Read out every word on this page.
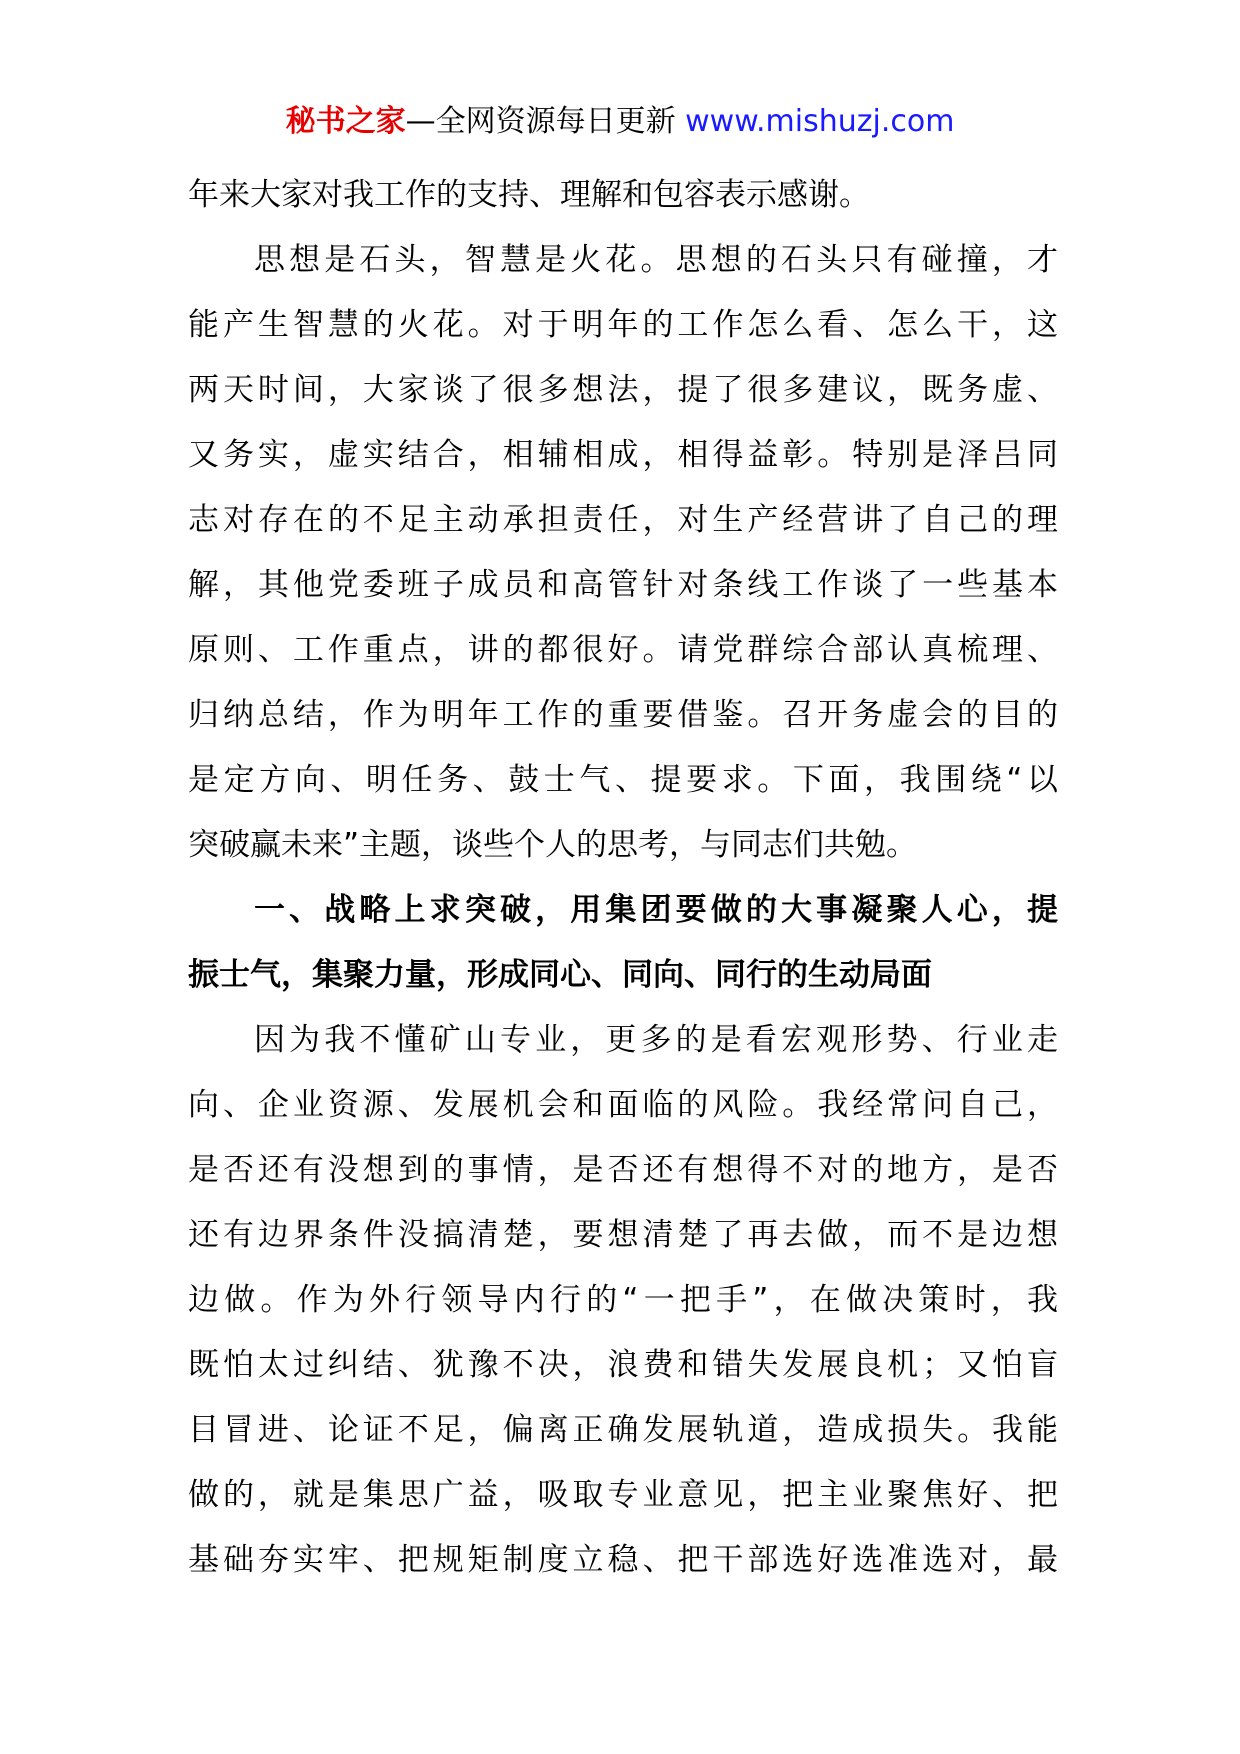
秘书之家—全网资源每日更新 www.mishuzj.com
年来大家对我工作的支持、理解和包容表示感谢。
思想是石头，智慧是火花。思想的石头只有碰撞，才
能产生智慧的火花。对于明年的工作怎么看、怎么干，这
两天时间，大家谈了很多想法，提了很多建议，既务虚、
又务实，虚实结合，相辅相成，相得益彰。特别是泽吕同
志对存在的不足主动承担责任，对生产经营讲了自己的理
解，其他党委班子成员和高管针对条线工作谈了一些基本
原则、工作重点，讲的都很好。请党群综合部认真梳理、
归纳总结，作为明年工作的重要借鉴。召开务虚会的目的
是定方向、明任务、鼓士气、提要求。下面，我围绕“以
突破赢未来”主题，谈些个人的思考，与同志们共勉。
一、战略上求突破，用集团要做的大事凝聚人心，提
振士气，集聚力量，形成同心、同向、同行的生动局面
因为我不懂矿山专业，更多的是看宏观形势、行业走
向、企业资源、发展机会和面临的风险。我经常问自己，
是否还有没想到的事情，是否还有想得不对的地方，是否
还有边界条件没搞清楚，要想清楚了再去做，而不是边想
边做。作为外行领导内行的“一把手”，在做决策时，我
既怕太过纠结、犹豫不决，浪费和错失发展良机；又怕盲
目冒进、论证不足，偏离正确发展轨道，造成损失。我能
做的，就是集思广益，吸取专业意见，把主业聚焦好、把
基础夯实牢、把规矩制度立稳、把干部选好选准选对，最
